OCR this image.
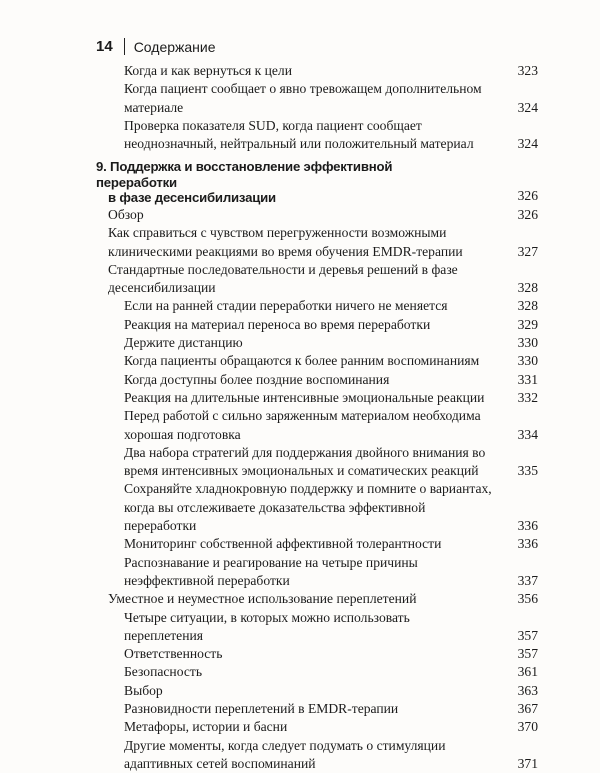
14 Содержание
Когда и как вернуться к цели	323
Когда пациент сообщает о явно тревожащем дополнительном материале	324
Проверка показателя SUD, когда пациент сообщает неоднозначный, нейтральный или положительный материал	324
9. Поддержка и восстановление эффективной переработки
в фазе десенсибилизации	326
Обзор	326
Как справиться с чувством перегруженности возможными клиническими реакциями во время обучения EMDR-терапии	327
Стандартные последовательности и деревья решений в фазе десенсибилизации	328
Если на ранней стадии переработки ничего не меняется	328
Реакция на материал переноса во время переработки	329
Держите дистанцию	330
Когда пациенты обращаются к более ранним воспоминаниям	330
Когда доступны более поздние воспоминания	331
Реакция на длительные интенсивные эмоциональные реакции	332
Перед работой с сильно заряженным материалом необходима хорошая подготовка	334
Два набора стратегий для поддержания двойного внимания во время интенсивных эмоциональных и соматических реакций	335
Сохраняйте хладнокровную поддержку и помните о вариантах, когда вы отслеживаете доказательства эффективной переработки	336
Мониторинг собственной аффективной толерантности	336
Распознавание и реагирование на четыре причины неэффективной переработки	337
Уместное и неуместное использование переплетений	356
Четыре ситуации, в которых можно использовать переплетения	357
Ответственность	357
Безопасность	361
Выбор	363
Разновидности переплетений в EMDR-терапии	367
Метафоры, истории и басни	370
Другие моменты, когда следует подумать о стимуляции адаптивных сетей воспоминаний	371
